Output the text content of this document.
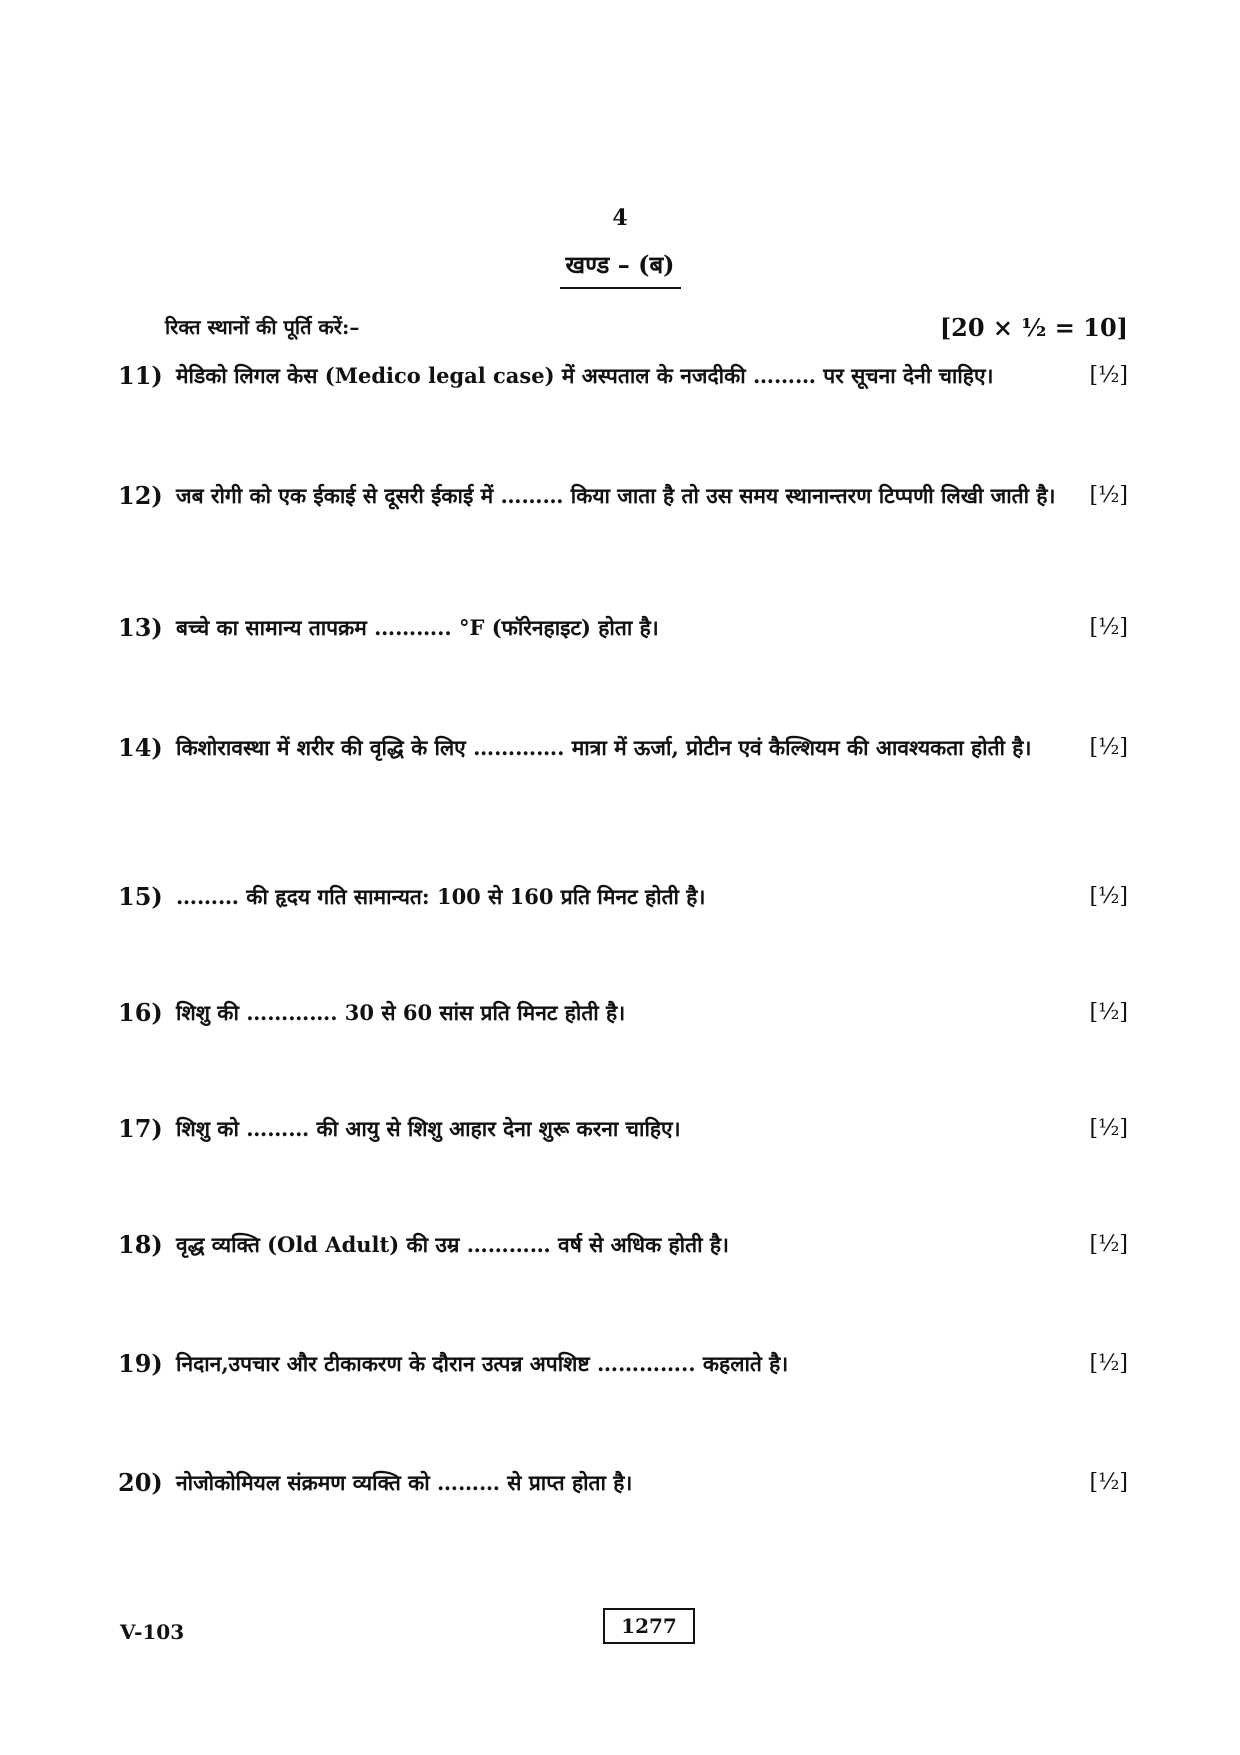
4
खण्ड – (ब)
रिक्त स्थानों की पूर्ति करें:–	[20 × ½ = 10]
11) मेडिको लिगल केस (Medico legal case) में अस्पताल के नजदीकी ……… पर सूचना देनी चाहिए।	[½]
12) जब रोगी को एक ईकाई से दूसरी ईकाई में ……… किया जाता है तो उस समय स्थानान्तरण टिप्पणी लिखी जाती है।	[½]
13) बच्चे का सामान्य तापक्रम ……….. °F (फॉरेनहाइट) होता है।	[½]
14) किशोरावस्था में शरीर की वृद्धि के लिए …………. मात्रा में ऊर्जा, प्रोटीन एवं कैल्शियम की आवश्यकता होती है।	[½]
15) ……… की हृदय गति सामान्यत: 100 से 160 प्रति मिनट होती है।	[½]
16) शिशु की …………. 30 से 60 सांस प्रति मिनट होती है।	[½]
17) शिशु को ……… की आयु से शिशु आहार देना शुरू करना चाहिए।	[½]
18) वृद्ध व्यक्ति (Old Adult) की उम्र ………… वर्ष से अधिक होती है।	[½]
19) निदान,उपचार और टीकाकरण के दौरान उत्पन्न अपशिष्ट ………….. कहलाते है।	[½]
20) नोजोकोमियल संक्रमण व्यक्ति को ……… से प्राप्त होता है।	[½]
V-103	1277
